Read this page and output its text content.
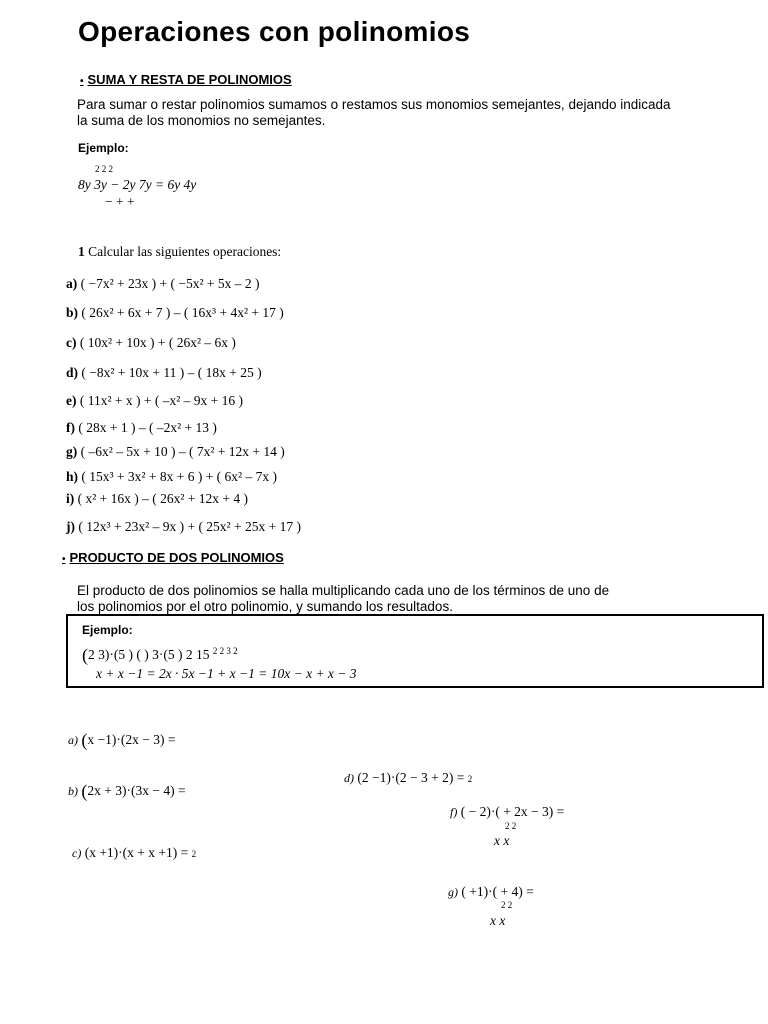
Operaciones con polinomios
• SUMA Y RESTA DE POLINOMIOS
Para sumar o restar polinomios sumamos o restamos sus monomios semejantes, dejando indicada
la suma de los monomios no semejantes.
Ejemplo:
2 2 2
8y 3y − 2y 7y = 6y 4y
− + +
1 Calcular las siguientes operaciones:
a) ( −7x² + 23x ) + ( −5x² + 5x – 2 )
b) ( 26x² + 6x + 7 ) – ( 16x³ + 4x² + 17 )
c) ( 10x² + 10x ) + ( 26x² – 6x )
d) ( −8x² + 10x + 11 ) – ( 18x + 25 )
e) ( 11x² + x ) + ( –x² – 9x + 16 )
f) ( 28x + 1 ) – ( –2x² + 13 )
g) ( –6x² – 5x + 10 ) – ( 7x² + 12x + 14 )
h) ( 15x³ + 3x² + 8x + 6 ) + ( 6x² – 7x )
i) ( x² + 16x ) – ( 26x² + 12x + 4 )
j) ( 12x³ + 23x² – 9x ) + ( 25x² + 25x + 17 )
• PRODUCTO DE DOS POLINOMIOS
El producto de dos polinomios se halla multiplicando cada uno de los términos de uno de
los polinomios por el otro polinomio, y sumando los resultados.
Ejemplo:
(2 3)·(5 ) ( ) 3·(5 ) 2 15 $^{2 2 3 2}$
x + x −1 = 2x · 5x −1 + x −1 = 10x − x + x − 3
a) (x −1)·(2x − 3) =
b) (2x + 3)·(3x − 4) =
c) (x +1)·(x + x +1) = 2
d) (2 −1)·(2 − 3 + 2) = 2
f) ( − 2)·( + 2x − 3) =
2 2
x x
g) ( +1)·( + 4) =
2 2
x x
